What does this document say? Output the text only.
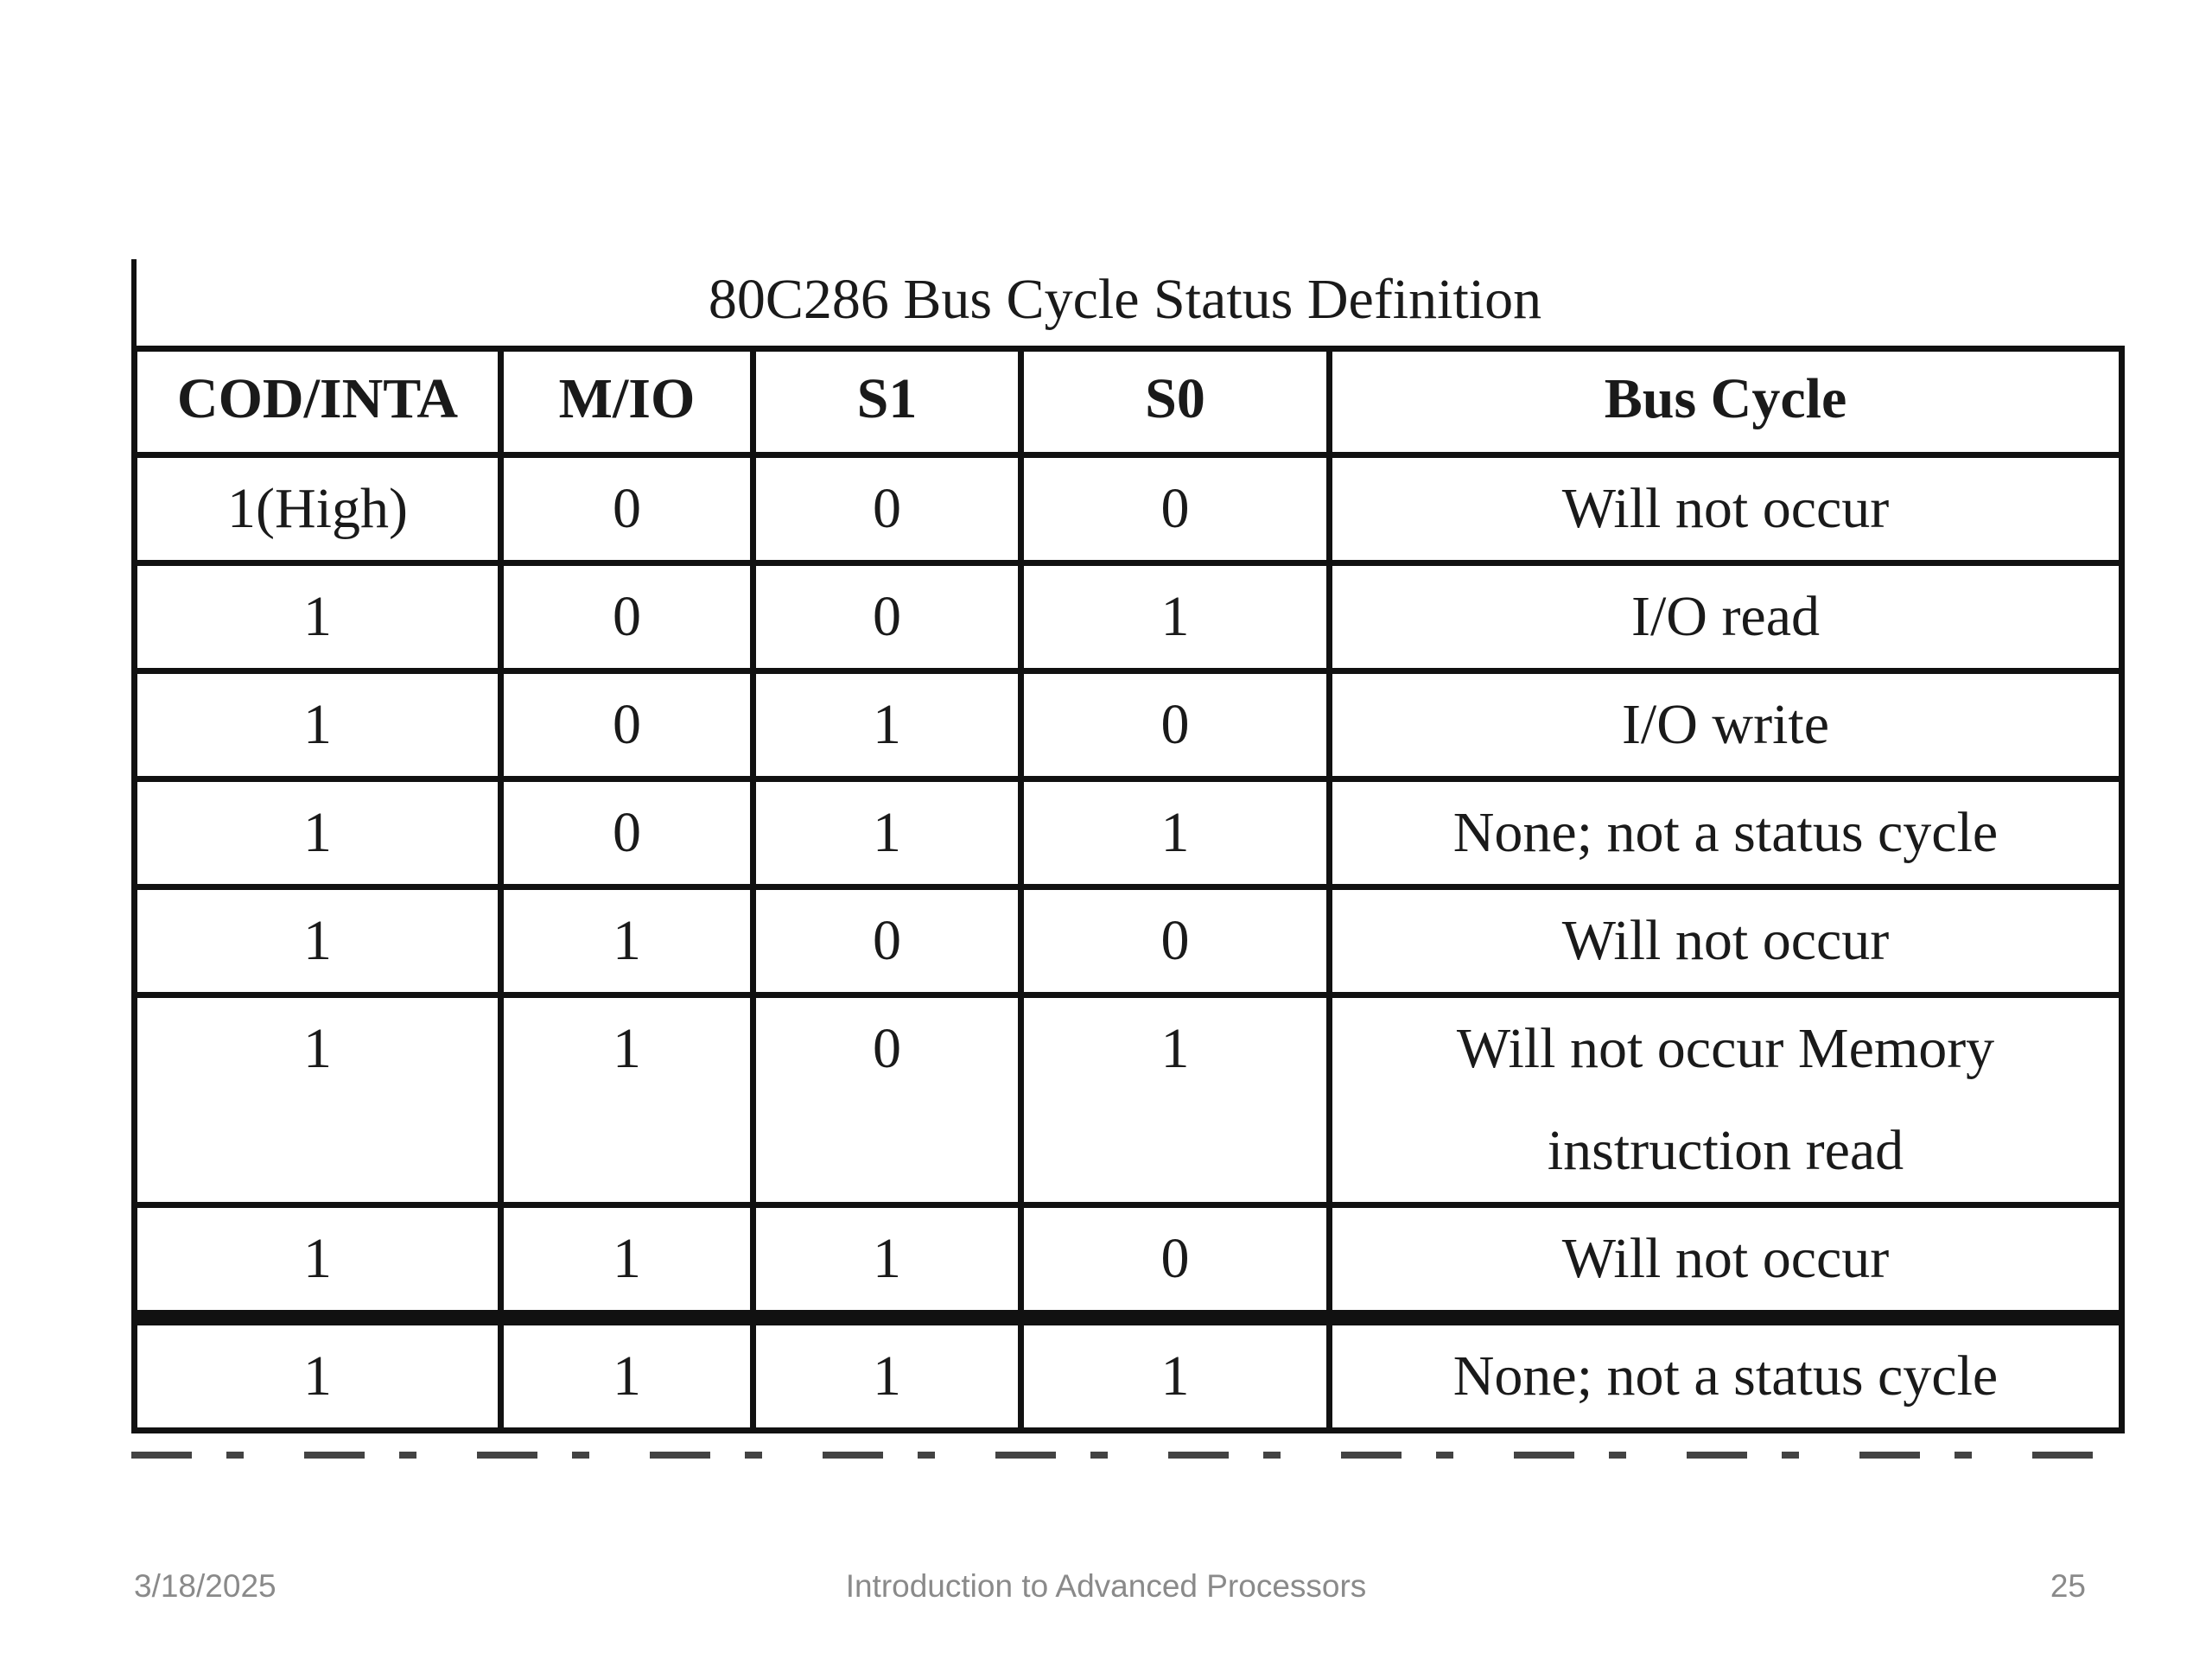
80C286 Bus Cycle Status Definition
COD/INTA	M/IO	S1	S0	Bus Cycle
1(High)	0	0	0	Will not occur
1	0	0	1	I/O read
1	0	1	0	I/O write
1	0	1	1	None; not a status cycle
1	1	0	0	Will not occur
1	1	0	1	Will not occur Memory instruction read
1	1	1	0	Will not occur
1	1	1	1	None; not a status cycle
3/18/2025	Introduction to Advanced Processors	25
